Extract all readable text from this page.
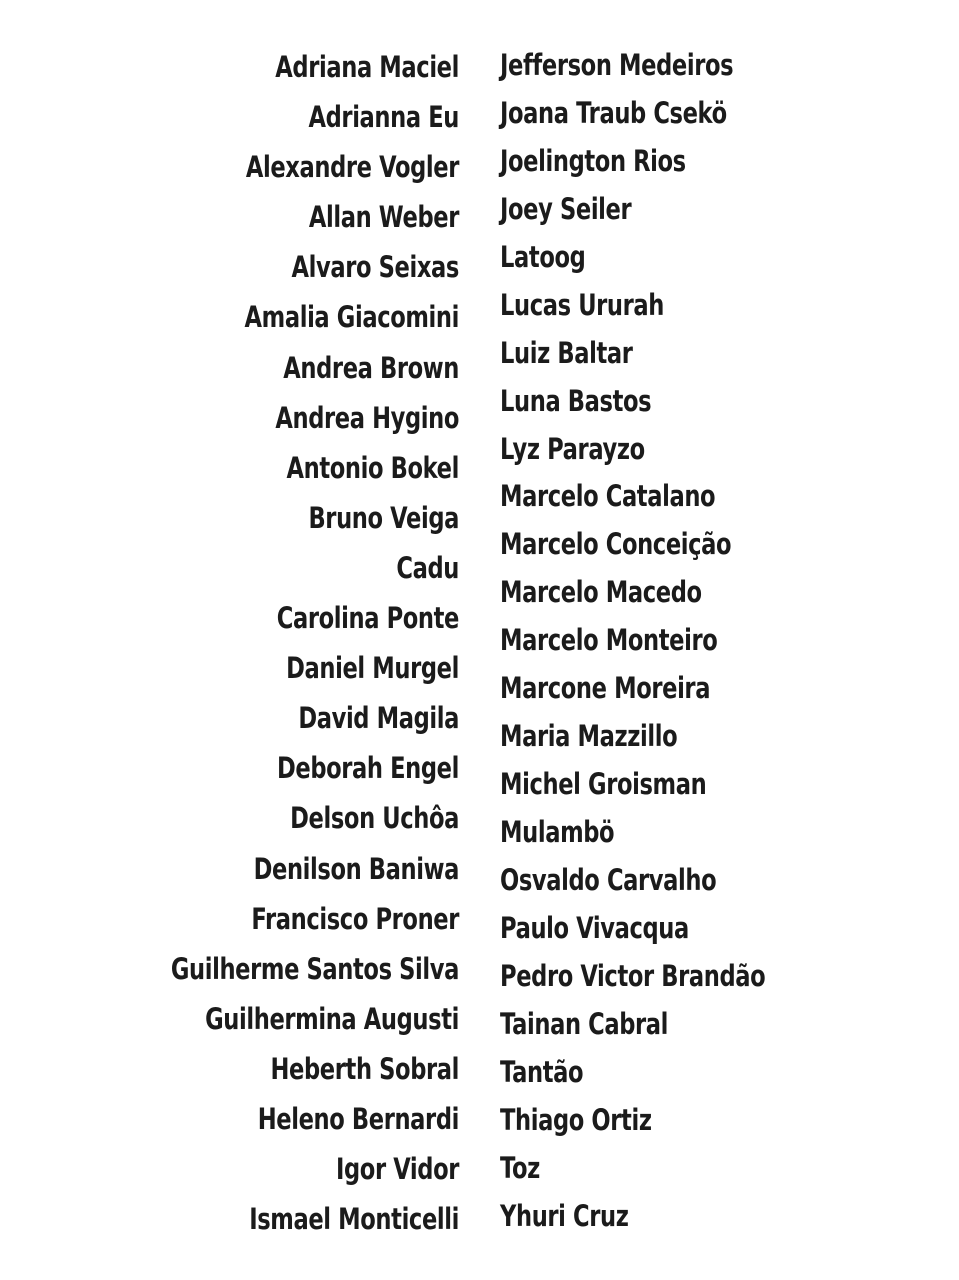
Adriana Maciel
Adrianna Eu
Alexandre Vogler
Allan Weber
Alvaro Seixas
Amalia Giacomini
Andrea Brown
Andrea Hygino
Antonio Bokel
Bruno Veiga
Cadu
Carolina Ponte
Daniel Murgel
David Magila
Deborah Engel
Delson Uchôa
Denilson Baniwa
Francisco Proner
Guilherme Santos Silva
Guilhermina Augusti
Heberth Sobral
Heleno Bernardi
Igor Vidor
Ismael Monticelli
Jefferson Medeiros
Joana Traub Csekö
Joelington Rios
Joey Seiler
Latoog
Lucas Ururah
Luiz Baltar
Luna Bastos
Lyz Parayzo
Marcelo Catalano
Marcelo Conceição
Marcelo Macedo
Marcelo Monteiro
Marcone Moreira
Maria Mazzillo
Michel Groisman
Mulambö
Osvaldo Carvalho
Paulo Vivacqua
Pedro Victor Brandão
Tainan Cabral
Tantão
Thiago Ortiz
Toz
Yhuri Cruz
